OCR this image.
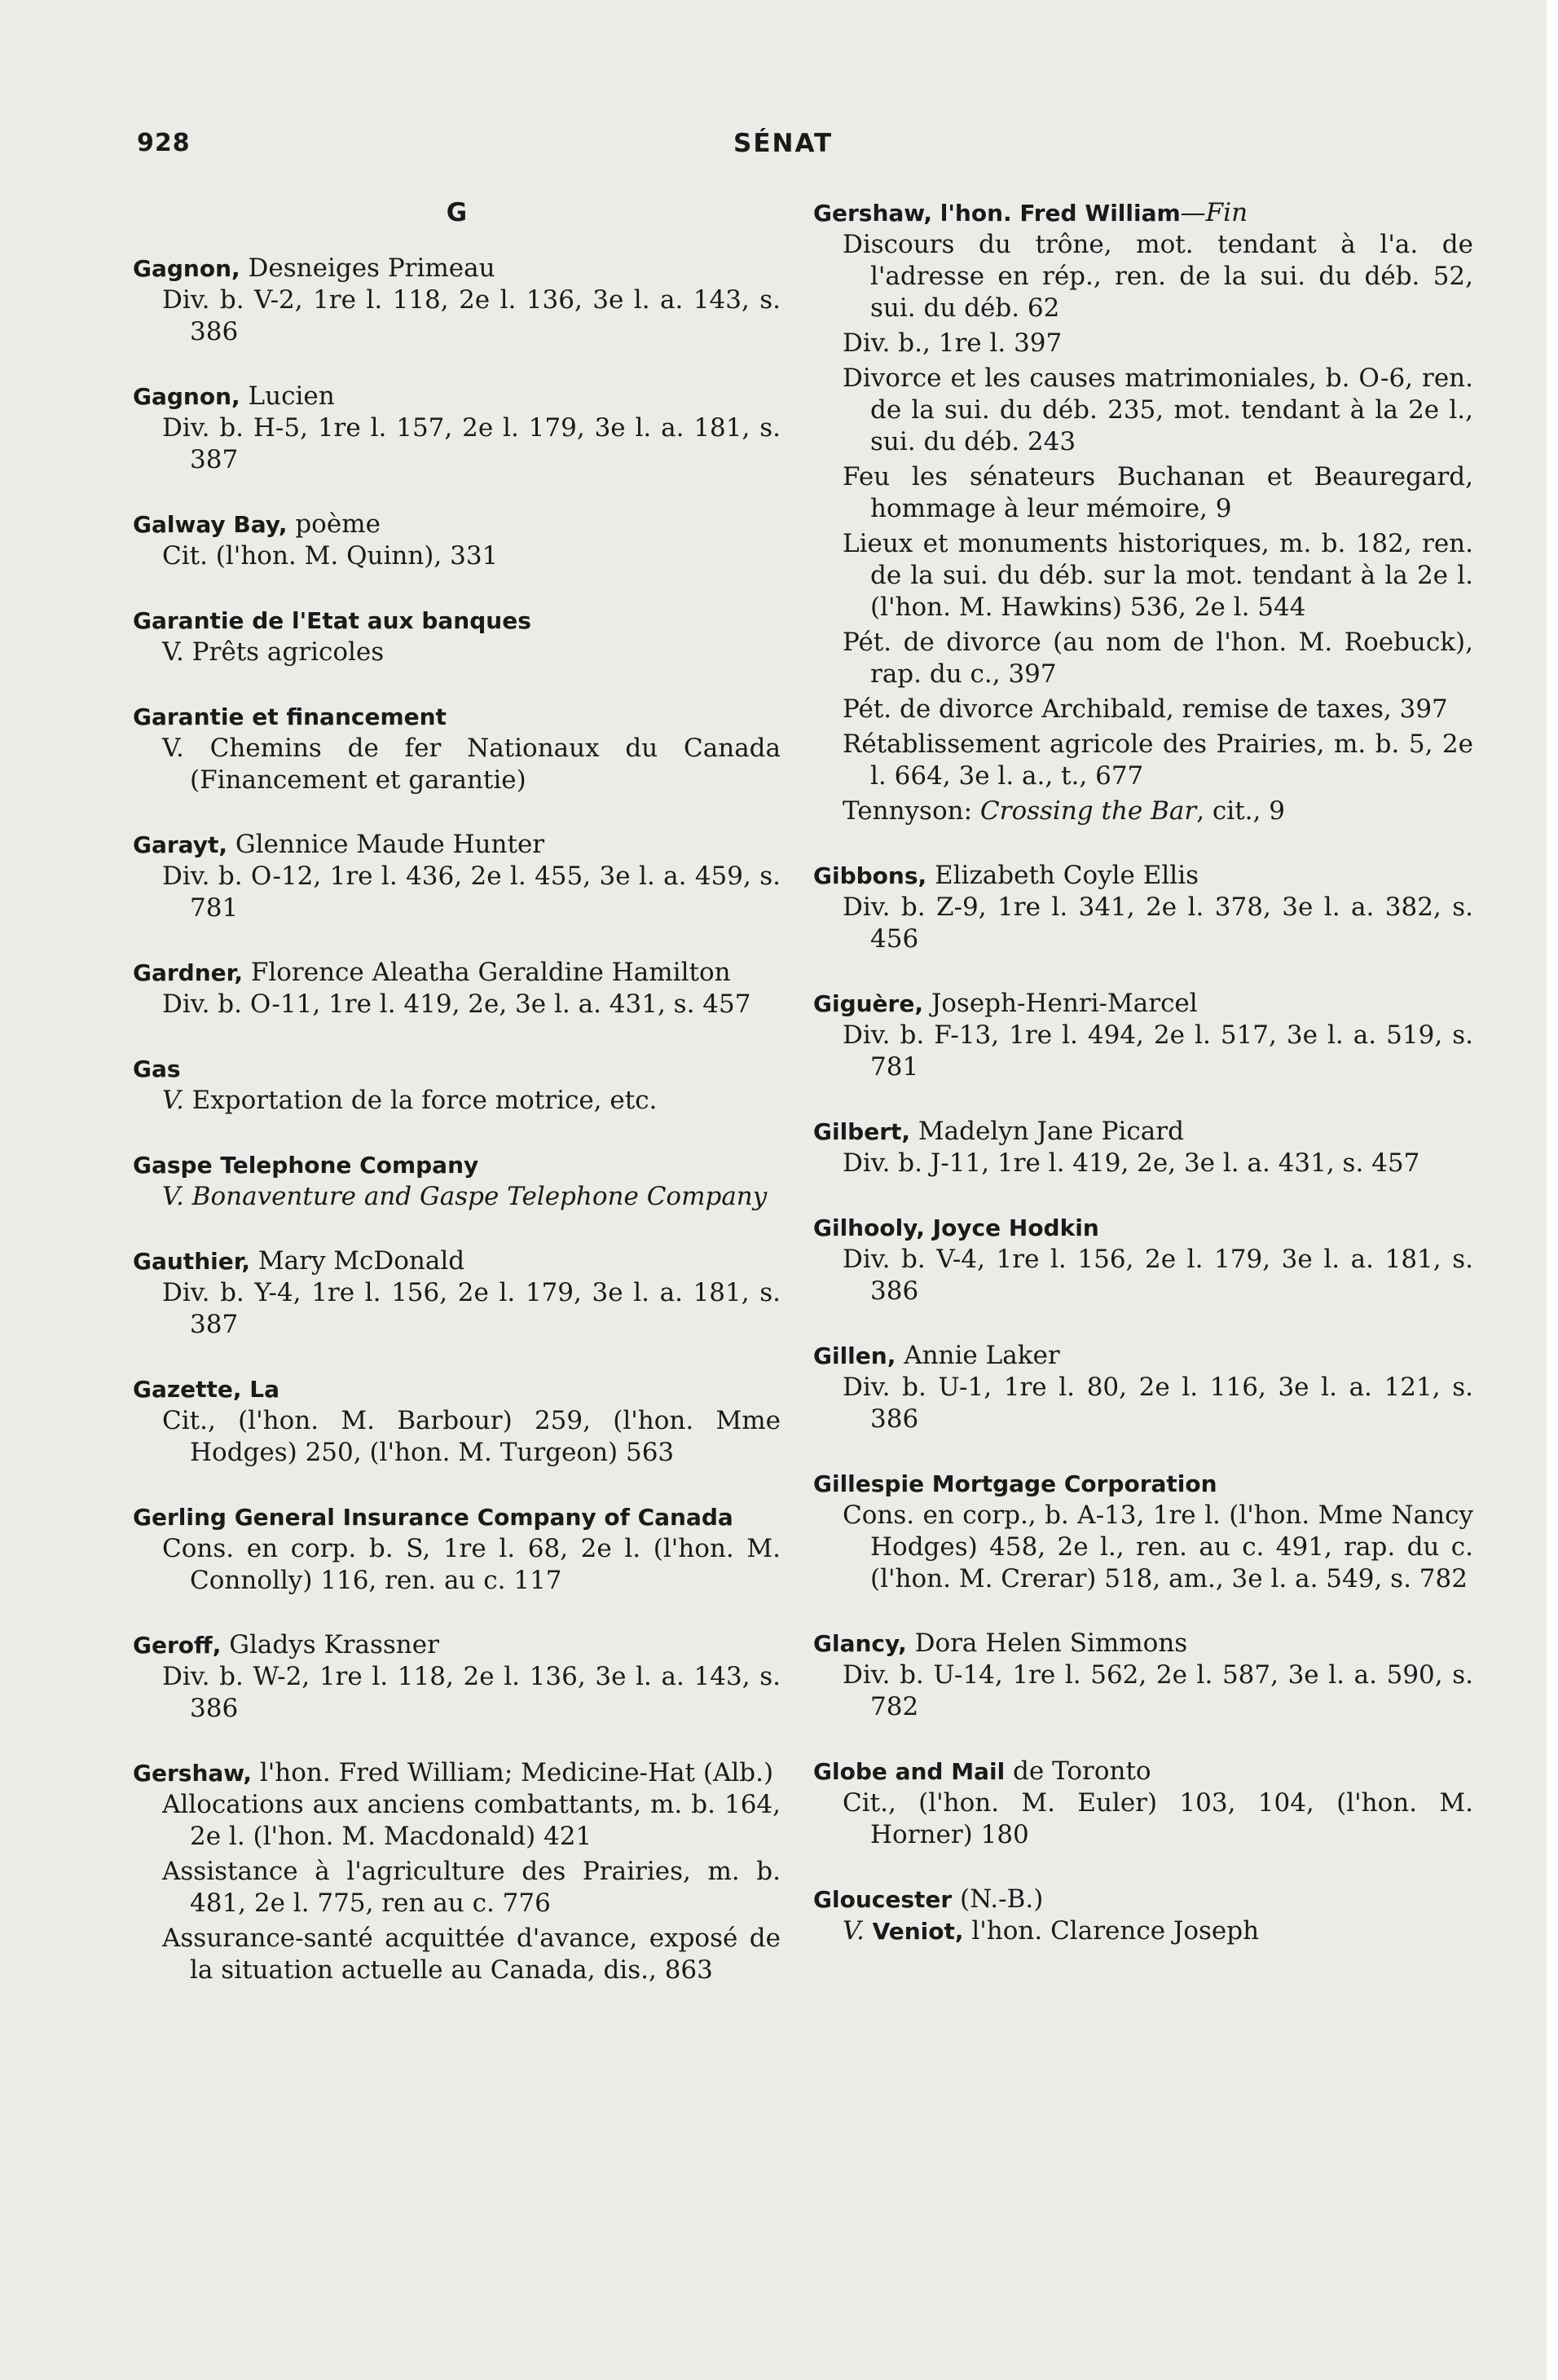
928	SÉNAT
G
Gagnon, Desneiges Primeau
Div. b. V-2, 1re l. 118, 2e l. 136, 3e l. a. 143, s. 386
Gagnon, Lucien
Div. b. H-5, 1re l. 157, 2e l. 179, 3e l. a. 181, s. 387
Galway Bay, poème
Cit. (l'hon. M. Quinn), 331
Garantie de l'Etat aux banques
V. Prêts agricoles
Garantie et financement
V. Chemins de fer Nationaux du Canada (Financement et garantie)
Garayt, Glennice Maude Hunter
Div. b. O-12, 1re l. 436, 2e l. 455, 3e l. a. 459, s. 781
Gardner, Florence Aleatha Geraldine Hamilton
Div. b. O-11, 1re l. 419, 2e, 3e l. a. 431, s. 457
Gas
V. Exportation de la force motrice, etc.
Gaspe Telephone Company
V. Bonaventure and Gaspe Telephone Company
Gauthier, Mary McDonald
Div. b. Y-4, 1re l. 156, 2e l. 179, 3e l. a. 181, s. 387
Gazette, La
Cit., (l'hon. M. Barbour) 259, (l'hon. Mme Hodges) 250, (l'hon. M. Turgeon) 563
Gerling General Insurance Company of Canada
Cons. en corp. b. S, 1re l. 68, 2e l. (l'hon. M. Connolly) 116, ren. au c. 117
Geroff, Gladys Krassner
Div. b. W-2, 1re l. 118, 2e l. 136, 3e l. a. 143, s. 386
Gershaw, l'hon. Fred William; Medicine-Hat (Alb.)
Allocations aux anciens combattants, m. b. 164, 2e l. (l'hon. M. Macdonald) 421
Assistance à l'agriculture des Prairies, m. b. 481, 2e l. 775, ren au c. 776
Assurance-santé acquittée d'avance, exposé de la situation actuelle au Canada, dis., 863
Gershaw, l'hon. Fred William—Fin
Discours du trône, mot. tendant à l'a. de l'adresse en rép., ren. de la sui. du déb. 52, sui. du déb. 62
Div. b., 1re l. 397
Divorce et les causes matrimoniales, b. O-6, ren. de la sui. du déb. 235, mot. tendant à la 2e l., sui. du déb. 243
Feu les sénateurs Buchanan et Beauregard, hommage à leur mémoire, 9
Lieux et monuments historiques, m. b. 182, ren. de la sui. du déb. sur la mot. tendant à la 2e l. (l'hon. M. Hawkins) 536, 2e l. 544
Pét. de divorce (au nom de l'hon. M. Roebuck), rap. du c., 397
Pét. de divorce Archibald, remise de taxes, 397
Rétablissement agricole des Prairies, m. b. 5, 2e l. 664, 3e l. a., t., 677
Tennyson: Crossing the Bar, cit., 9
Gibbons, Elizabeth Coyle Ellis
Div. b. Z-9, 1re l. 341, 2e l. 378, 3e l. a. 382, s. 456
Giguère, Joseph-Henri-Marcel
Div. b. F-13, 1re l. 494, 2e l. 517, 3e l. a. 519, s. 781
Gilbert, Madelyn Jane Picard
Div. b. J-11, 1re l. 419, 2e, 3e l. a. 431, s. 457
Gilhooly, Joyce Hodkin
Div. b. V-4, 1re l. 156, 2e l. 179, 3e l. a. 181, s. 386
Gillen, Annie Laker
Div. b. U-1, 1re l. 80, 2e l. 116, 3e l. a. 121, s. 386
Gillespie Mortgage Corporation
Cons. en corp., b. A-13, 1re l. (l'hon. Mme Nancy Hodges) 458, 2e l., ren. au c. 491, rap. du c. (l'hon. M. Crerar) 518, am., 3e l. a. 549, s. 782
Glancy, Dora Helen Simmons
Div. b. U-14, 1re l. 562, 2e l. 587, 3e l. a. 590, s. 782
Globe and Mail de Toronto
Cit., (l'hon. M. Euler) 103, 104, (l'hon. M. Horner) 180
Gloucester (N.-B.)
V. Veniot, l'hon. Clarence Joseph
